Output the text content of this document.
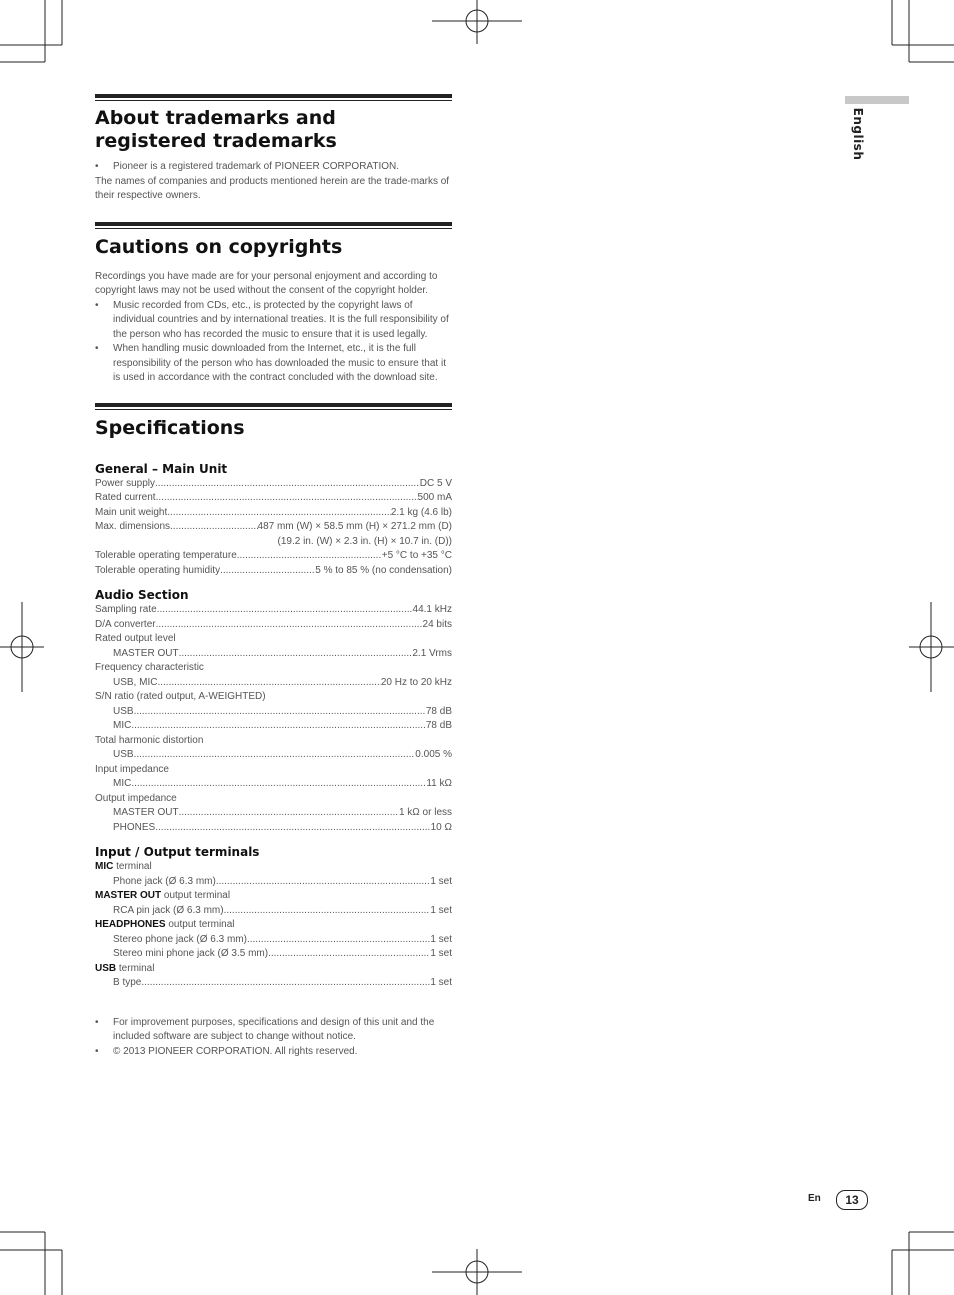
About trademarks and registered trademarks
• Pioneer is a registered trademark of PIONEER CORPORATION.

The names of companies and products mentioned herein are the trade-marks of their respective owners.

Cautions on copyrights

Recordings you have made are for your personal enjoyment and according to copyright laws may not be used without the consent of the copyright holder.

• Music recorded from CDs, etc., is protected by the copyright laws of individual countries and by international treaties. It is the full responsibility of the person who has recorded the music to ensure that it is used legally.
• When handling music downloaded from the Internet, etc., it is the full responsibility of the person who has downloaded the music to ensure that it is used in accordance with the contract concluded with the download site.
Specifications
General – Main Unit
Power supply .....	DC 5 V
Rated current .....	500 mA
Main unit weight .....	2.1 kg (4.6 lb)
Max. dimensions .....	487 mm (W) × 58.5 mm (H) × 271.2 mm (D)
(19.2 in. (W) × 2.3 in. (H) × 10.7 in. (D))
Tolerable operating temperature .....	+5 °C to +35 °C
Tolerable operating humidity .....	5 % to 85 % (no condensation)
Audio Section
Sampling rate .....	44.1 kHz
D/A converter .....	24 bits
Rated output level
MASTER OUT .....	2.1 Vrms
Frequency characteristic
USB, MIC .....	20 Hz to 20 kHz
S/N ratio (rated output, A-WEIGHTED)
USB .....	78 dB
MIC .....	78 dB
Total harmonic distortion
USB .....	0.005 %
Input impedance
MIC .....	11 kΩ
Output impedance
MASTER OUT .....	1 kΩ or less
PHONES .....	10 Ω
Input / Output terminals
MIC terminal
Phone jack (Ø 6.3 mm) .....	1 set
MASTER OUT output terminal
RCA pin jack (Ø 6.3 mm) .....	1 set
HEADPHONES output terminal
Stereo phone jack (Ø 6.3 mm) .....	1 set
Stereo mini phone jack (Ø 3.5 mm) .....	1 set
USB terminal
B type .....	1 set
• For improvement purposes, specifications and design of this unit and the included software are subject to change without notice.
• © 2013 PIONEER CORPORATION. All rights reserved.
English
En	13
